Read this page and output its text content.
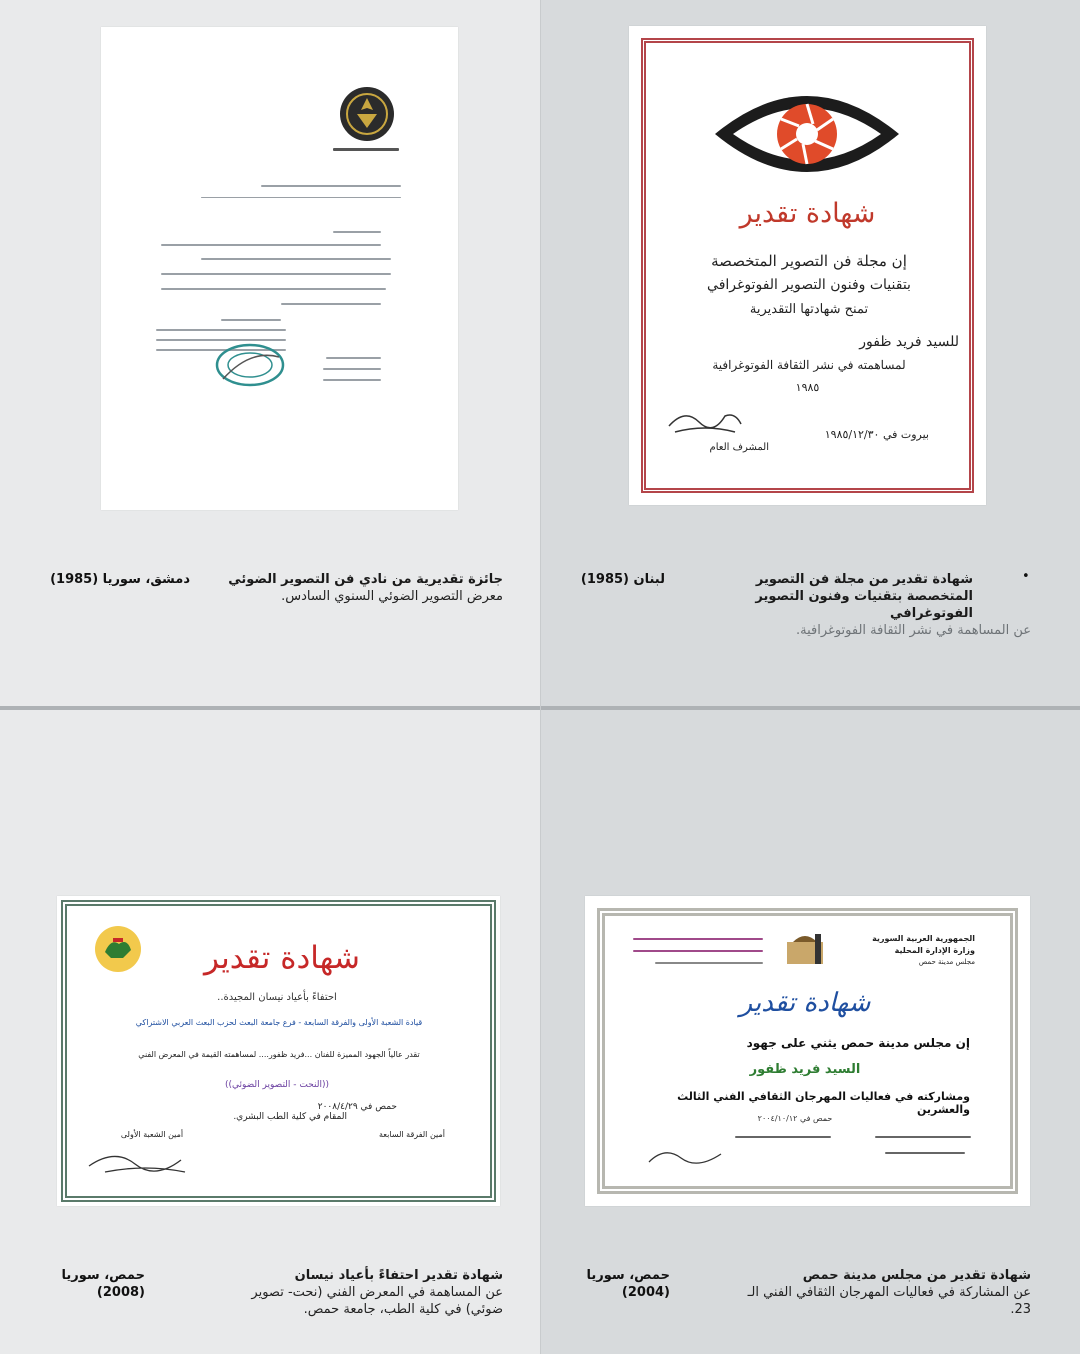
شهادة تقدير
إن مجلة فن التصوير المتخصصة
بتقنيات وفنون التصوير الفوتوغرافي
تمنح شهادتها التقديرية
للسيد فريد ظفور
لمساهمته في نشر الثقافة الفوتوغرافية
١٩٨٥
بيروت في ١٩٨٥/١٢/٣٠
المشرف العام
شهادة تقدير
احتفاءً بأعياد نيسان المجيدة..
قيادة الشعبة الأولى والفرقة السابعة - فرع جامعة البعث لحزب البعث العربي الاشتراكي
تقدر عالياً الجهود المميزة للفنان ...فريد ظفور.... لمساهمته القيمة في المعرض الفني
((النحت - التصوير الضوئي))
حمص في ٢٠٠٨/٤/٢٩
المقام في كلية الطب البشري.
أمين الفرقة السابعة
أمين الشعبة الأولى
الجمهورية العربية السورية
وزارة الإدارة المحلية
مجلس مدينة حمص
شهادة تقدير
إن مجلس مدينة حمص يثني على جهود
السيد فريد ظفور
ومشاركته في فعاليات المهرجان الثقافي الفني الثالث والعشرين
حمص في ٢٠٠٤/١٠/١٢
جائزة تقديرية من نادي فن التصوير الضوئي
معرض التصوير الضوئي السنوي السادس.
دمشق، سوريا (1985)	•
شهادة تقدير من مجلة فن التصوير المتخصصة بتقنيات وفنون التصوير الفوتوغرافي
عن المساهمة في نشر الثقافة الفوتوغرافية.
لبنان (1985)
شهادة تقدير احتفاءً بأعياد نيسان
عن المساهمة في المعرض الفني (نحت- تصوير ضوئي) في كلية الطب، جامعة حمص.
حمص، سوريا (2008)
شهادة تقدير من مجلس مدينة حمص
عن المشاركة في فعاليات المهرجان الثقافي الفني الـ 23.
حمص، سوريا (2004)
